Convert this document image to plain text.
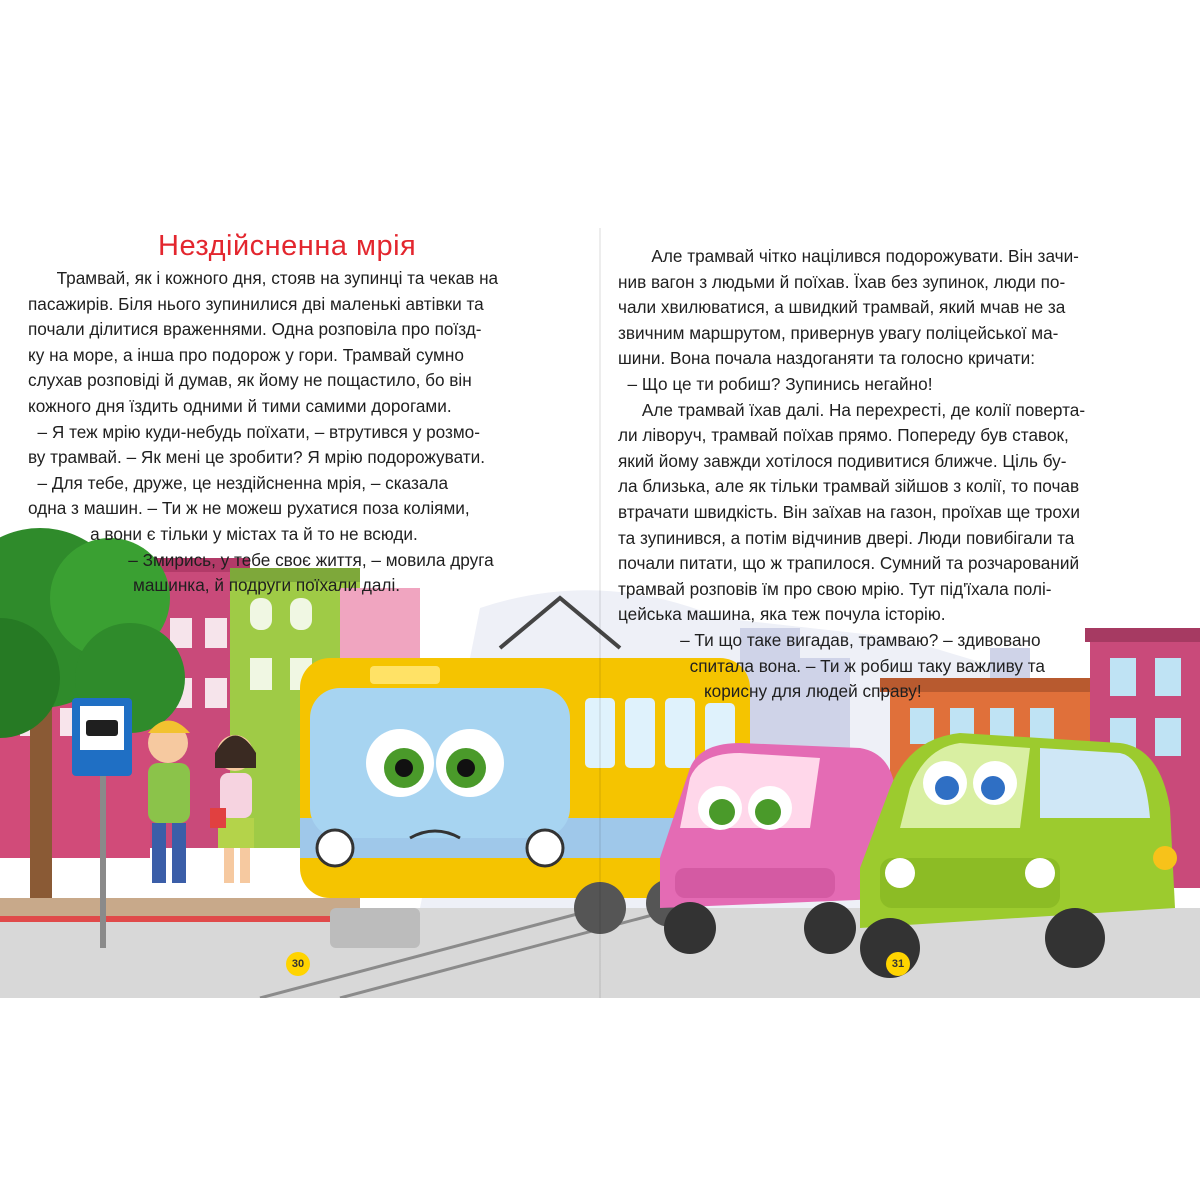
Нездійсненна мрія
Трамвай, як і кожного дня, стояв на зупинці та чекав на
пасажирів. Біля нього зупинилися дві маленькі автівки та
почали ділитися враженнями. Одна розповіла про поїзд-
ку на море, а інша про подорож у гори. Трамвай сумно
слухав розповіді й думав, як йому не пощастило, бо він
кожного дня їздить одними й тими самими дорогами.
– Я теж мрію куди-небудь поїхати, – втрутився у розмо-
ву трамвай. – Як мені це зробити? Я мрію подорожувати.
– Для тебе, друже, це нездійсненна мрія, – сказала
одна з машин. – Ти ж не можеш рухатися поза коліями,
а вони є тільки у містах та й то не всюди.
– Змирись, у тебе своє життя, – мовила друга
машинка, й подруги поїхали далі.
Але трамвай чітко націлився подорожувати. Він зачи-
нив вагон з людьми й поїхав. Їхав без зупинок, люди по-
чали хвилюватися, а швидкий трамвай, який мчав не за
звичним маршрутом, привернув увагу поліцейської ма-
шини. Вона почала наздоганяти та голосно кричати:
– Що це ти робиш? Зупинись негайно!
Але трамвай їхав далі. На перехресті, де колії поверта-
ли ліворуч, трамвай поїхав прямо. Попереду був ставок,
який йому завжди хотілося подивитися ближче. Ціль бу-
ла близька, але як тільки трамвай зійшов з колії, то почав
втрачати швидкість. Він заїхав на газон, проїхав ще трохи
та зупинився, а потім відчинив двері. Люди повибігали та
почали питати, що ж трапилося. Сумний та розчарований
трамвай розповів їм про свою мрію. Тут під'їхала полі-
цейська машина, яка теж почула історію.
– Ти що таке вигадав, трамваю? – здивовано
спитала вона. – Ти ж робиш таку важливу та
корисну для людей справу!
30	31
